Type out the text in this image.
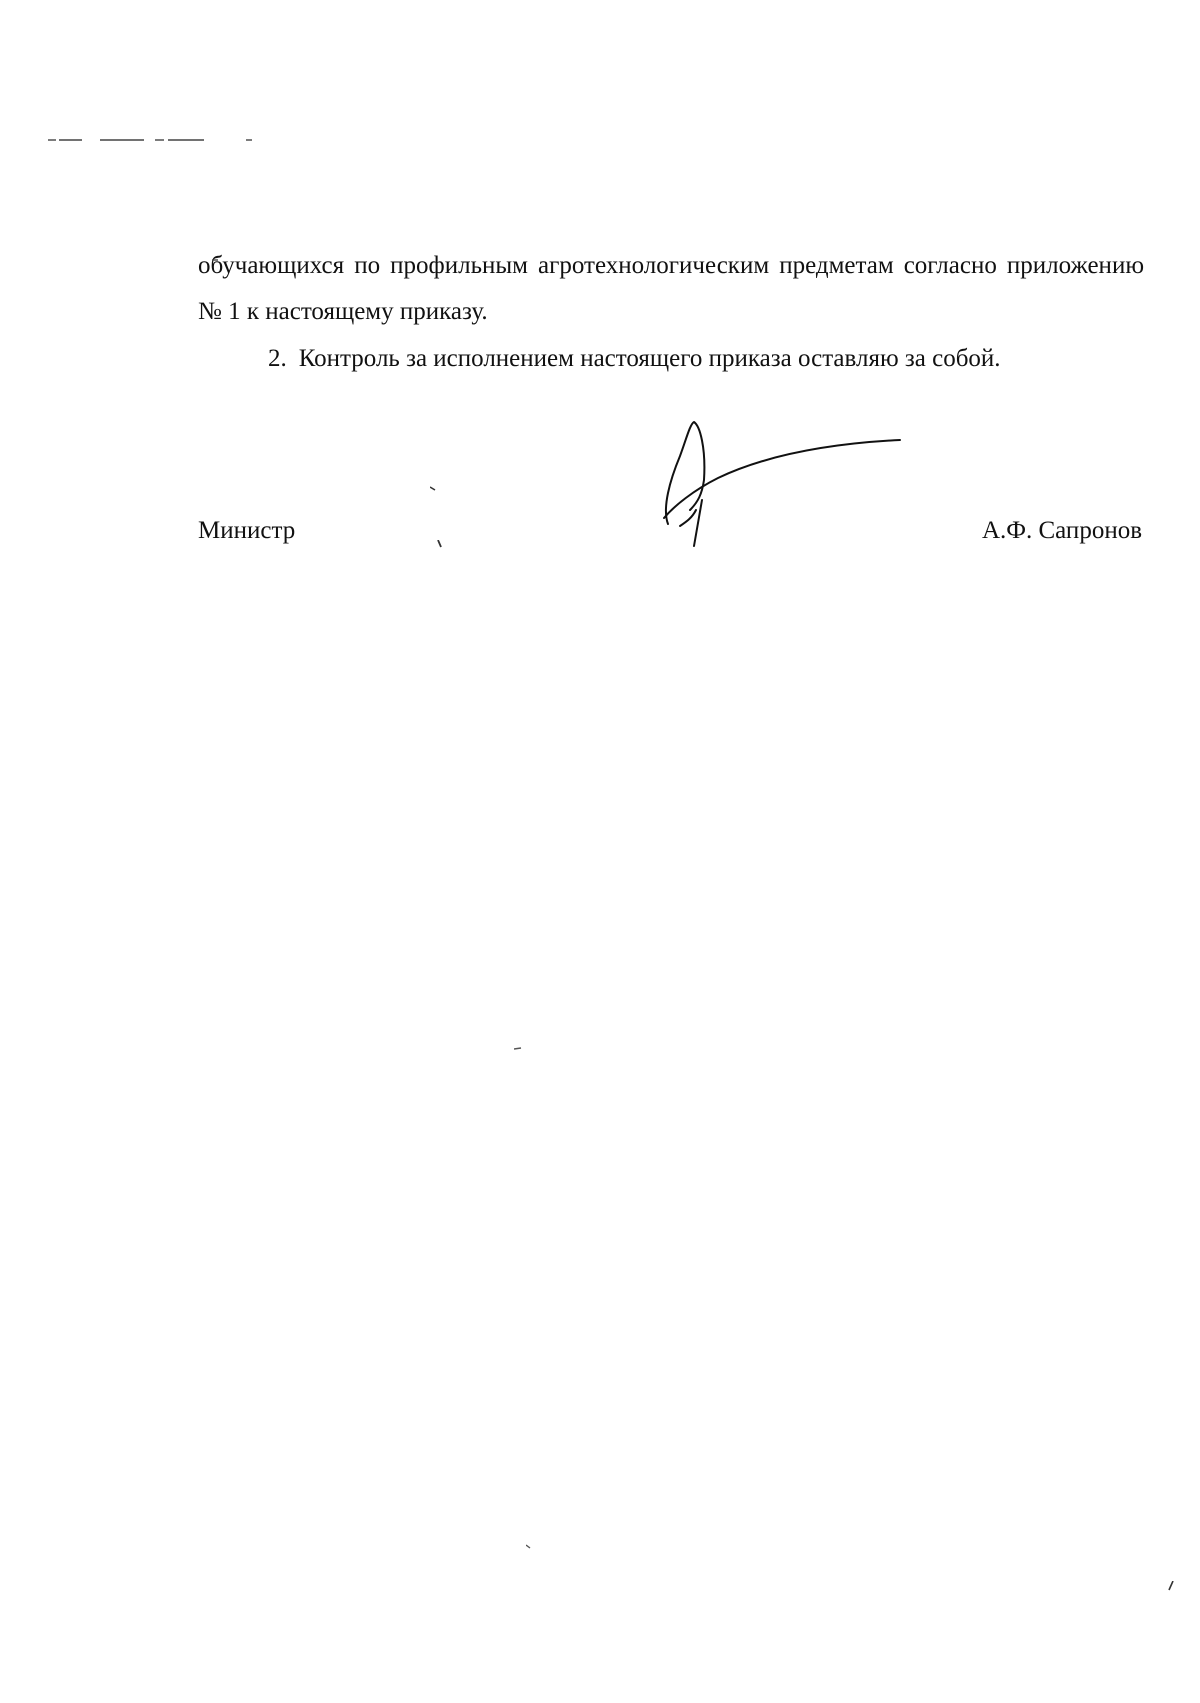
обучающихся по профильным агротехнологическим предметам согласно приложению № 1 к настоящему приказу.

2. Контроль за исполнением настоящего приказа оставляю за собой.

Министр	А.Ф. Сапронов
